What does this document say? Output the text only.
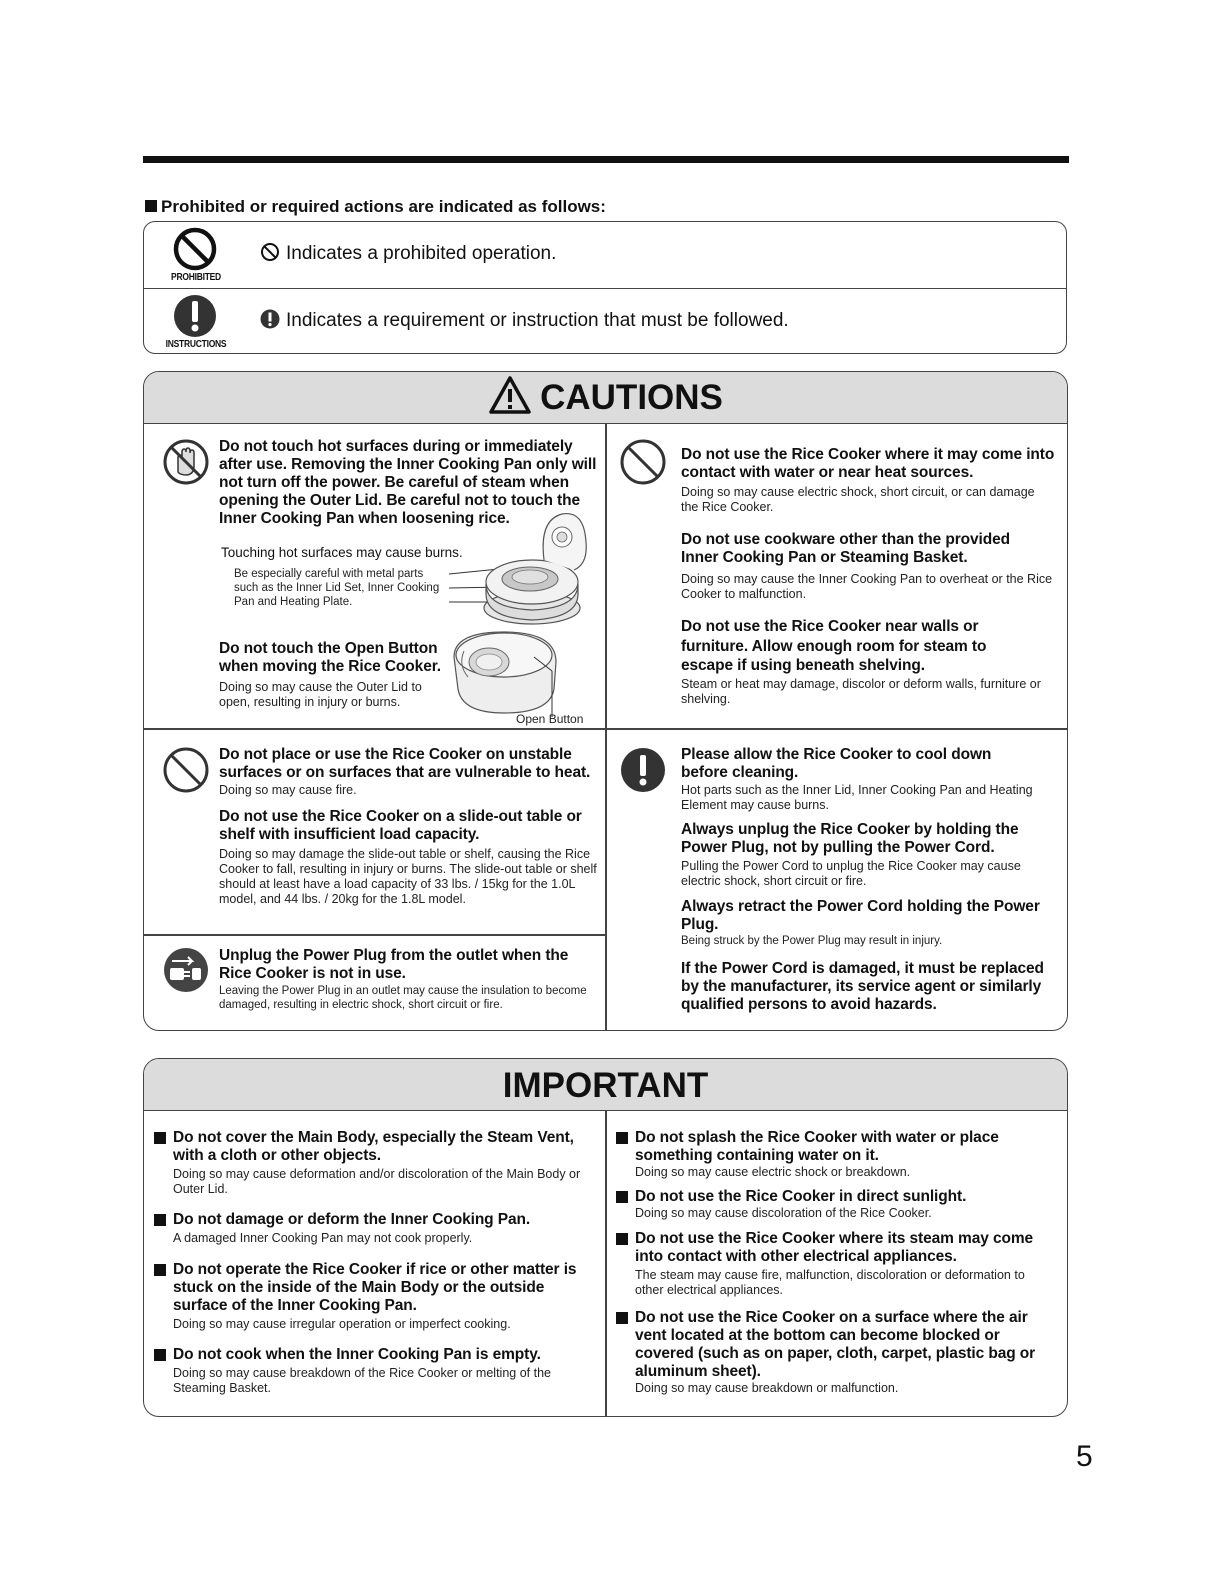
Prohibited or required actions are indicated as follows:
PROHIBITED
Indicates a prohibited operation.
INSTRUCTIONS
Indicates a requirement or instruction that must be followed.
CAUTIONS
Do not touch hot surfaces during or immediately after use. Removing the Inner Cooking Pan only will not turn off the power. Be careful of steam when opening the Outer Lid. Be careful not to touch the Inner Cooking Pan when loosening rice.
Touching hot surfaces may cause burns.
Be especially careful with metal parts such as the Inner Lid Set, Inner Cooking Pan and Heating Plate.
Do not touch the Open Button when moving the Rice Cooker.
Doing so may cause the Outer Lid to open, resulting in injury or burns.
Open Button
Do not use the Rice Cooker where it may come into contact with water or near heat sources.
Doing so may cause electric shock, short circuit, or can damage the Rice Cooker.
Do not use cookware other than the provided Inner Cooking Pan or Steaming Basket.
Doing so may cause the Inner Cooking Pan to overheat or the Rice Cooker to malfunction.
Do not use the Rice Cooker near walls or furniture. Allow enough room for steam to escape if using beneath shelving.
Steam or heat may damage, discolor or deform walls, furniture or shelving.
Do not place or use the Rice Cooker on unstable surfaces or on surfaces that are vulnerable to heat.
Doing so may cause fire.
Do not use the Rice Cooker on a slide-out table or shelf with insufficient load capacity.
Doing so may damage the slide-out table or shelf, causing the Rice Cooker to fall, resulting in injury or burns. The slide-out table or shelf should at least have a load capacity of 33 lbs. / 15kg for the 1.0L model, and 44 lbs. / 20kg for the 1.8L model.
Unplug the Power Plug from the outlet when the Rice Cooker is not in use.
Leaving the Power Plug in an outlet may cause the insulation to become damaged, resulting in electric shock, short circuit or fire.
Please allow the Rice Cooker to cool down before cleaning.
Hot parts such as the Inner Lid, Inner Cooking Pan and Heating Element may cause burns.
Always unplug the Rice Cooker by holding the Power Plug, not by pulling the Power Cord.
Pulling the Power Cord to unplug the Rice Cooker may cause electric shock, short circuit or fire.
Always retract the Power Cord holding the Power Plug.
Being struck by the Power Plug may result in injury.
If the Power Cord is damaged, it must be replaced by the manufacturer, its service agent or similarly qualified persons to avoid hazards.
IMPORTANT
Do not cover the Main Body, especially the Steam Vent, with a cloth or other objects.
Doing so may cause deformation and/or discoloration of the Main Body or Outer Lid.
Do not damage or deform the Inner Cooking Pan.
A damaged Inner Cooking Pan may not cook properly.
Do not operate the Rice Cooker if rice or other matter is stuck on the inside of the Main Body or the outside surface of the Inner Cooking Pan.
Doing so may cause irregular operation or imperfect cooking.
Do not cook when the Inner Cooking Pan is empty.
Doing so may cause breakdown of the Rice Cooker or melting of the Steaming Basket.
Do not splash the Rice Cooker with water or place something containing water on it.
Doing so may cause electric shock or breakdown.
Do not use the Rice Cooker in direct sunlight.
Doing so may cause discoloration of the Rice Cooker.
Do not use the Rice Cooker where its steam may come into contact with other electrical appliances.
The steam may cause fire, malfunction, discoloration or deformation to other electrical appliances.
Do not use the Rice Cooker on a surface where the air vent located at the bottom can become blocked or covered (such as on paper, cloth, carpet, plastic bag or aluminum sheet).
Doing so may cause breakdown or malfunction.
5
